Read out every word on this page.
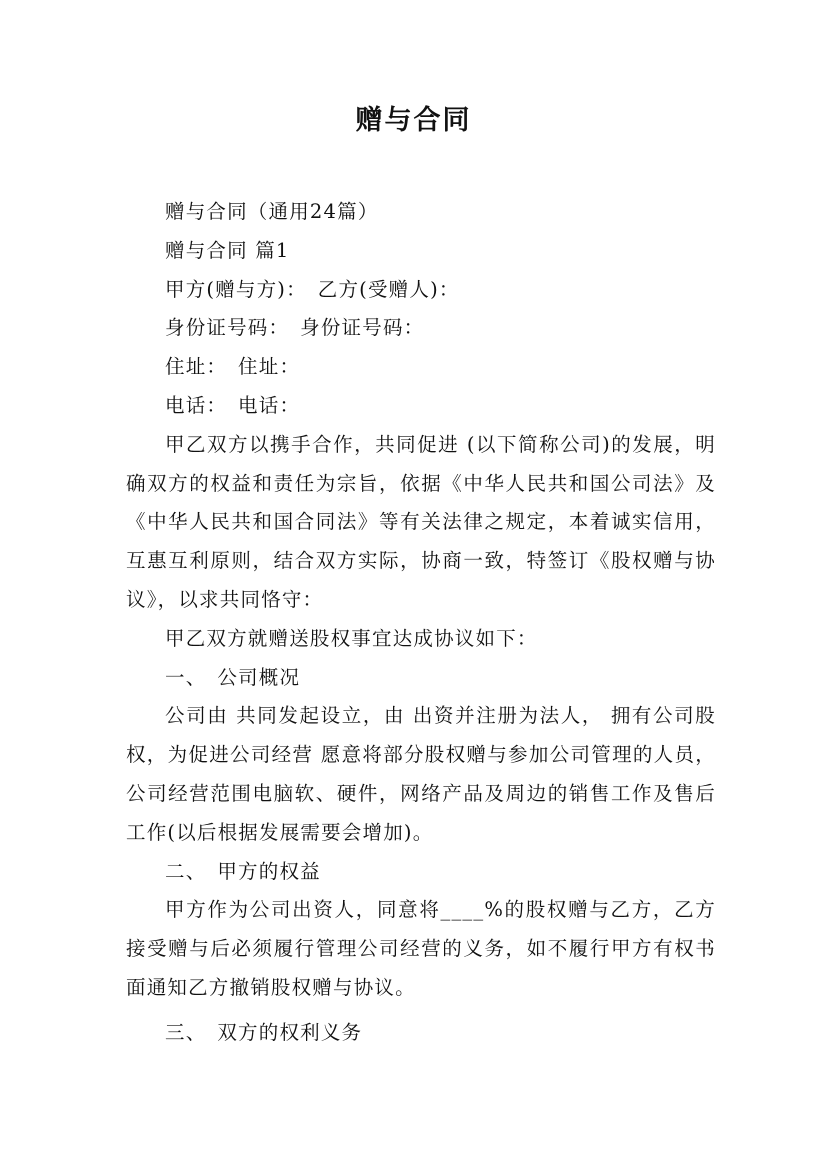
赠与合同

赠与合同（通用24篇）

赠与合同 篇1

甲方(赠与方)：　乙方(受赠人)：

身份证号码：　身份证号码：

住址：　住址：

电话：　电话：

甲乙双方以携手合作，共同促进 (以下简称公司)的发展，明确双方的权益和责任为宗旨，依据《中华人民共和国公司法》及《中华人民共和国合同法》等有关法律之规定，本着诚实信用，互惠互利原则，结合双方实际，协商一致，特签订《股权赠与协议》，以求共同恪守：

甲乙双方就赠送股权事宜达成协议如下：

一、　公司概况

公司由 共同发起设立，由 出资并注册为法人， 拥有公司股权，为促进公司经营 愿意将部分股权赠与参加公司管理的人员，公司经营范围电脑软、硬件，网络产品及周边的销售工作及售后工作(以后根据发展需要会增加)。

二、　甲方的权益

甲方作为公司出资人，同意将____%的股权赠与乙方，乙方接受赠与后必须履行管理公司经营的义务，如不履行甲方有权书面通知乙方撤销股权赠与协议。

三、　双方的权利义务
